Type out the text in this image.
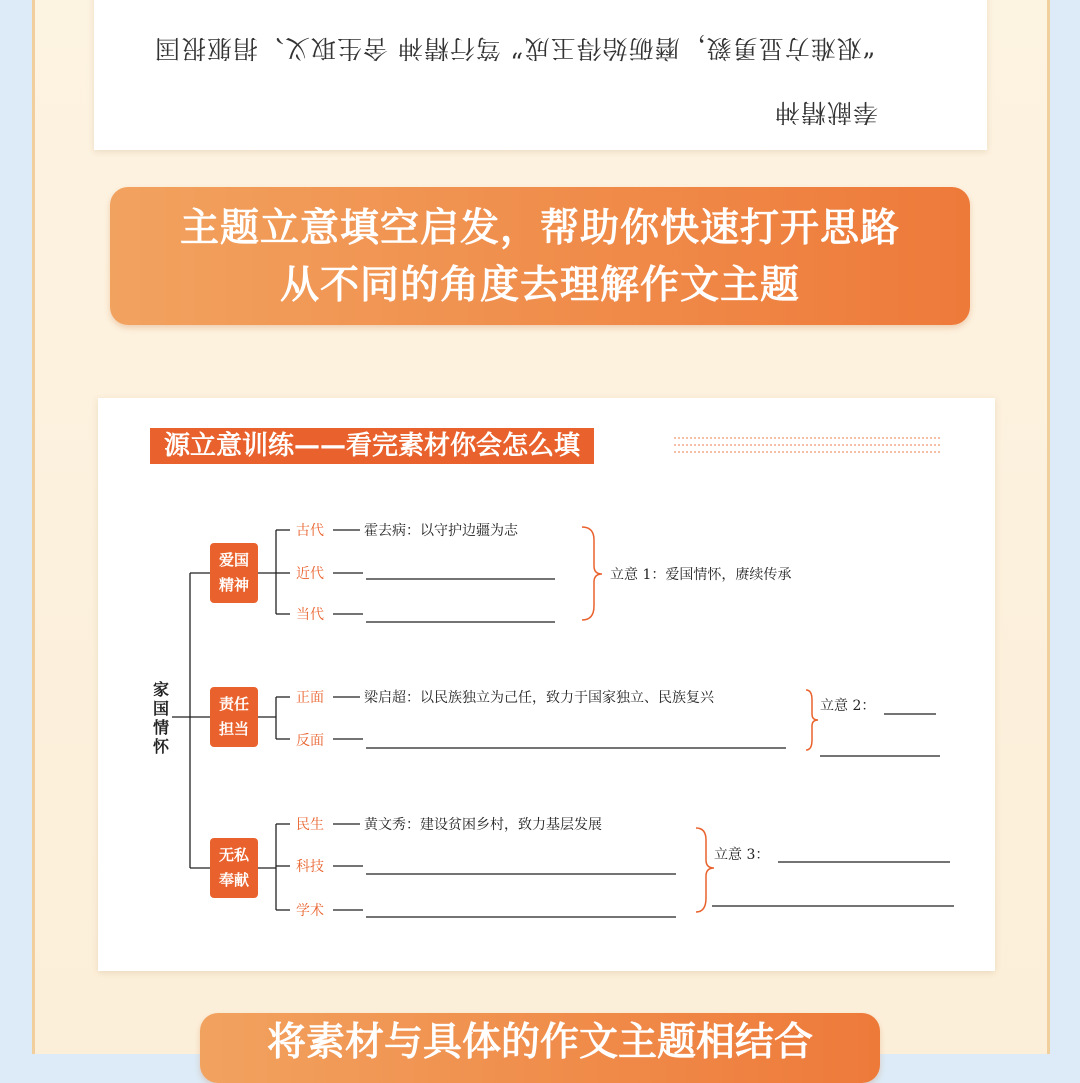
“艰难方显勇毅，磨砺始得玉成” 笃行精神 舍生取义、捐躯报国
奉献精神
主题立意填空启发，帮助你快速打开思路
从不同的角度去理解作文主题
源立意训练——看完素材你会怎么填
家国情怀
爱国
精神
古代	霍去病：以守护边疆为志
近代
当代
立意 1：爱国情怀，赓续传承
责任
担当
正面	梁启超：以民族独立为己任，致力于国家独立、民族复兴
反面
立意 2：
无私
奉献
民生	黄文秀：建设贫困乡村，致力基层发展
科技
学术
立意 3：
将素材与具体的作文主题相结合
